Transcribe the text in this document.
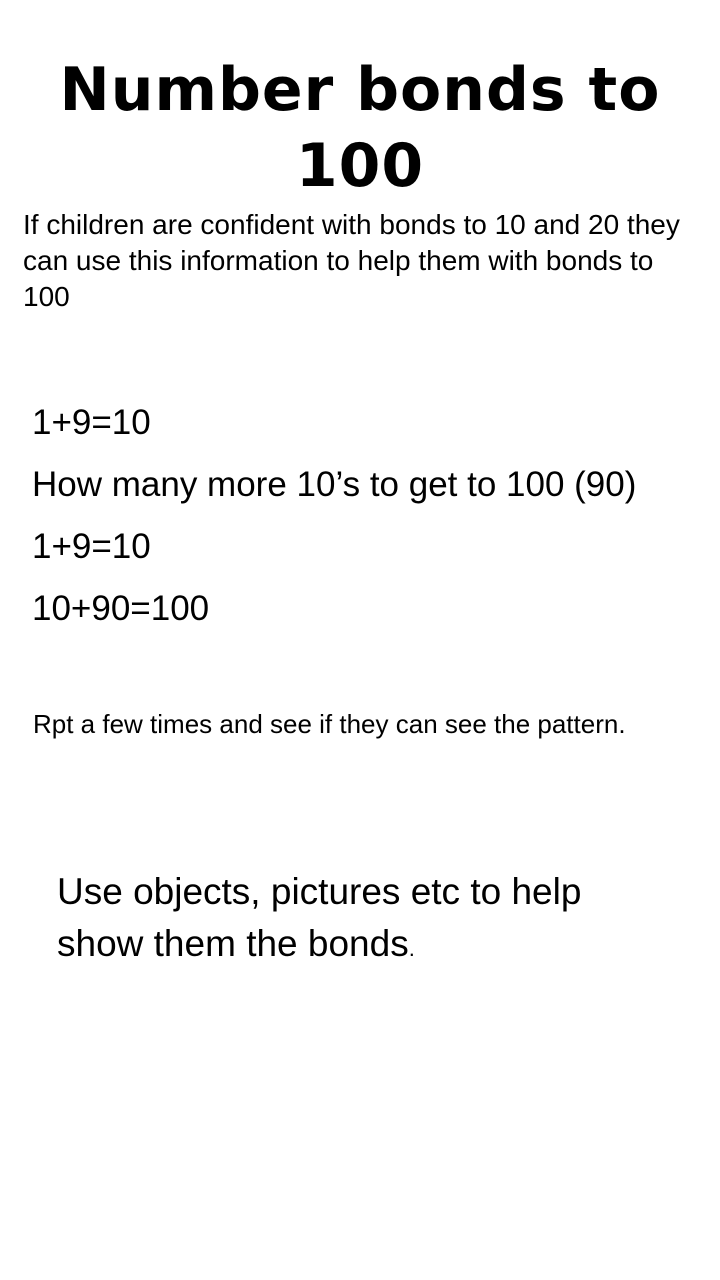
Number bonds to 100

If children are confident with bonds to 10 and 20 they can use this information to help them with bonds to 100

1+9=10
How many more 10’s to get to 100 (90)
1+9=10
10+90=100

Rpt a few times and see if they can see the pattern.

Use objects, pictures etc to help show them the bonds.
